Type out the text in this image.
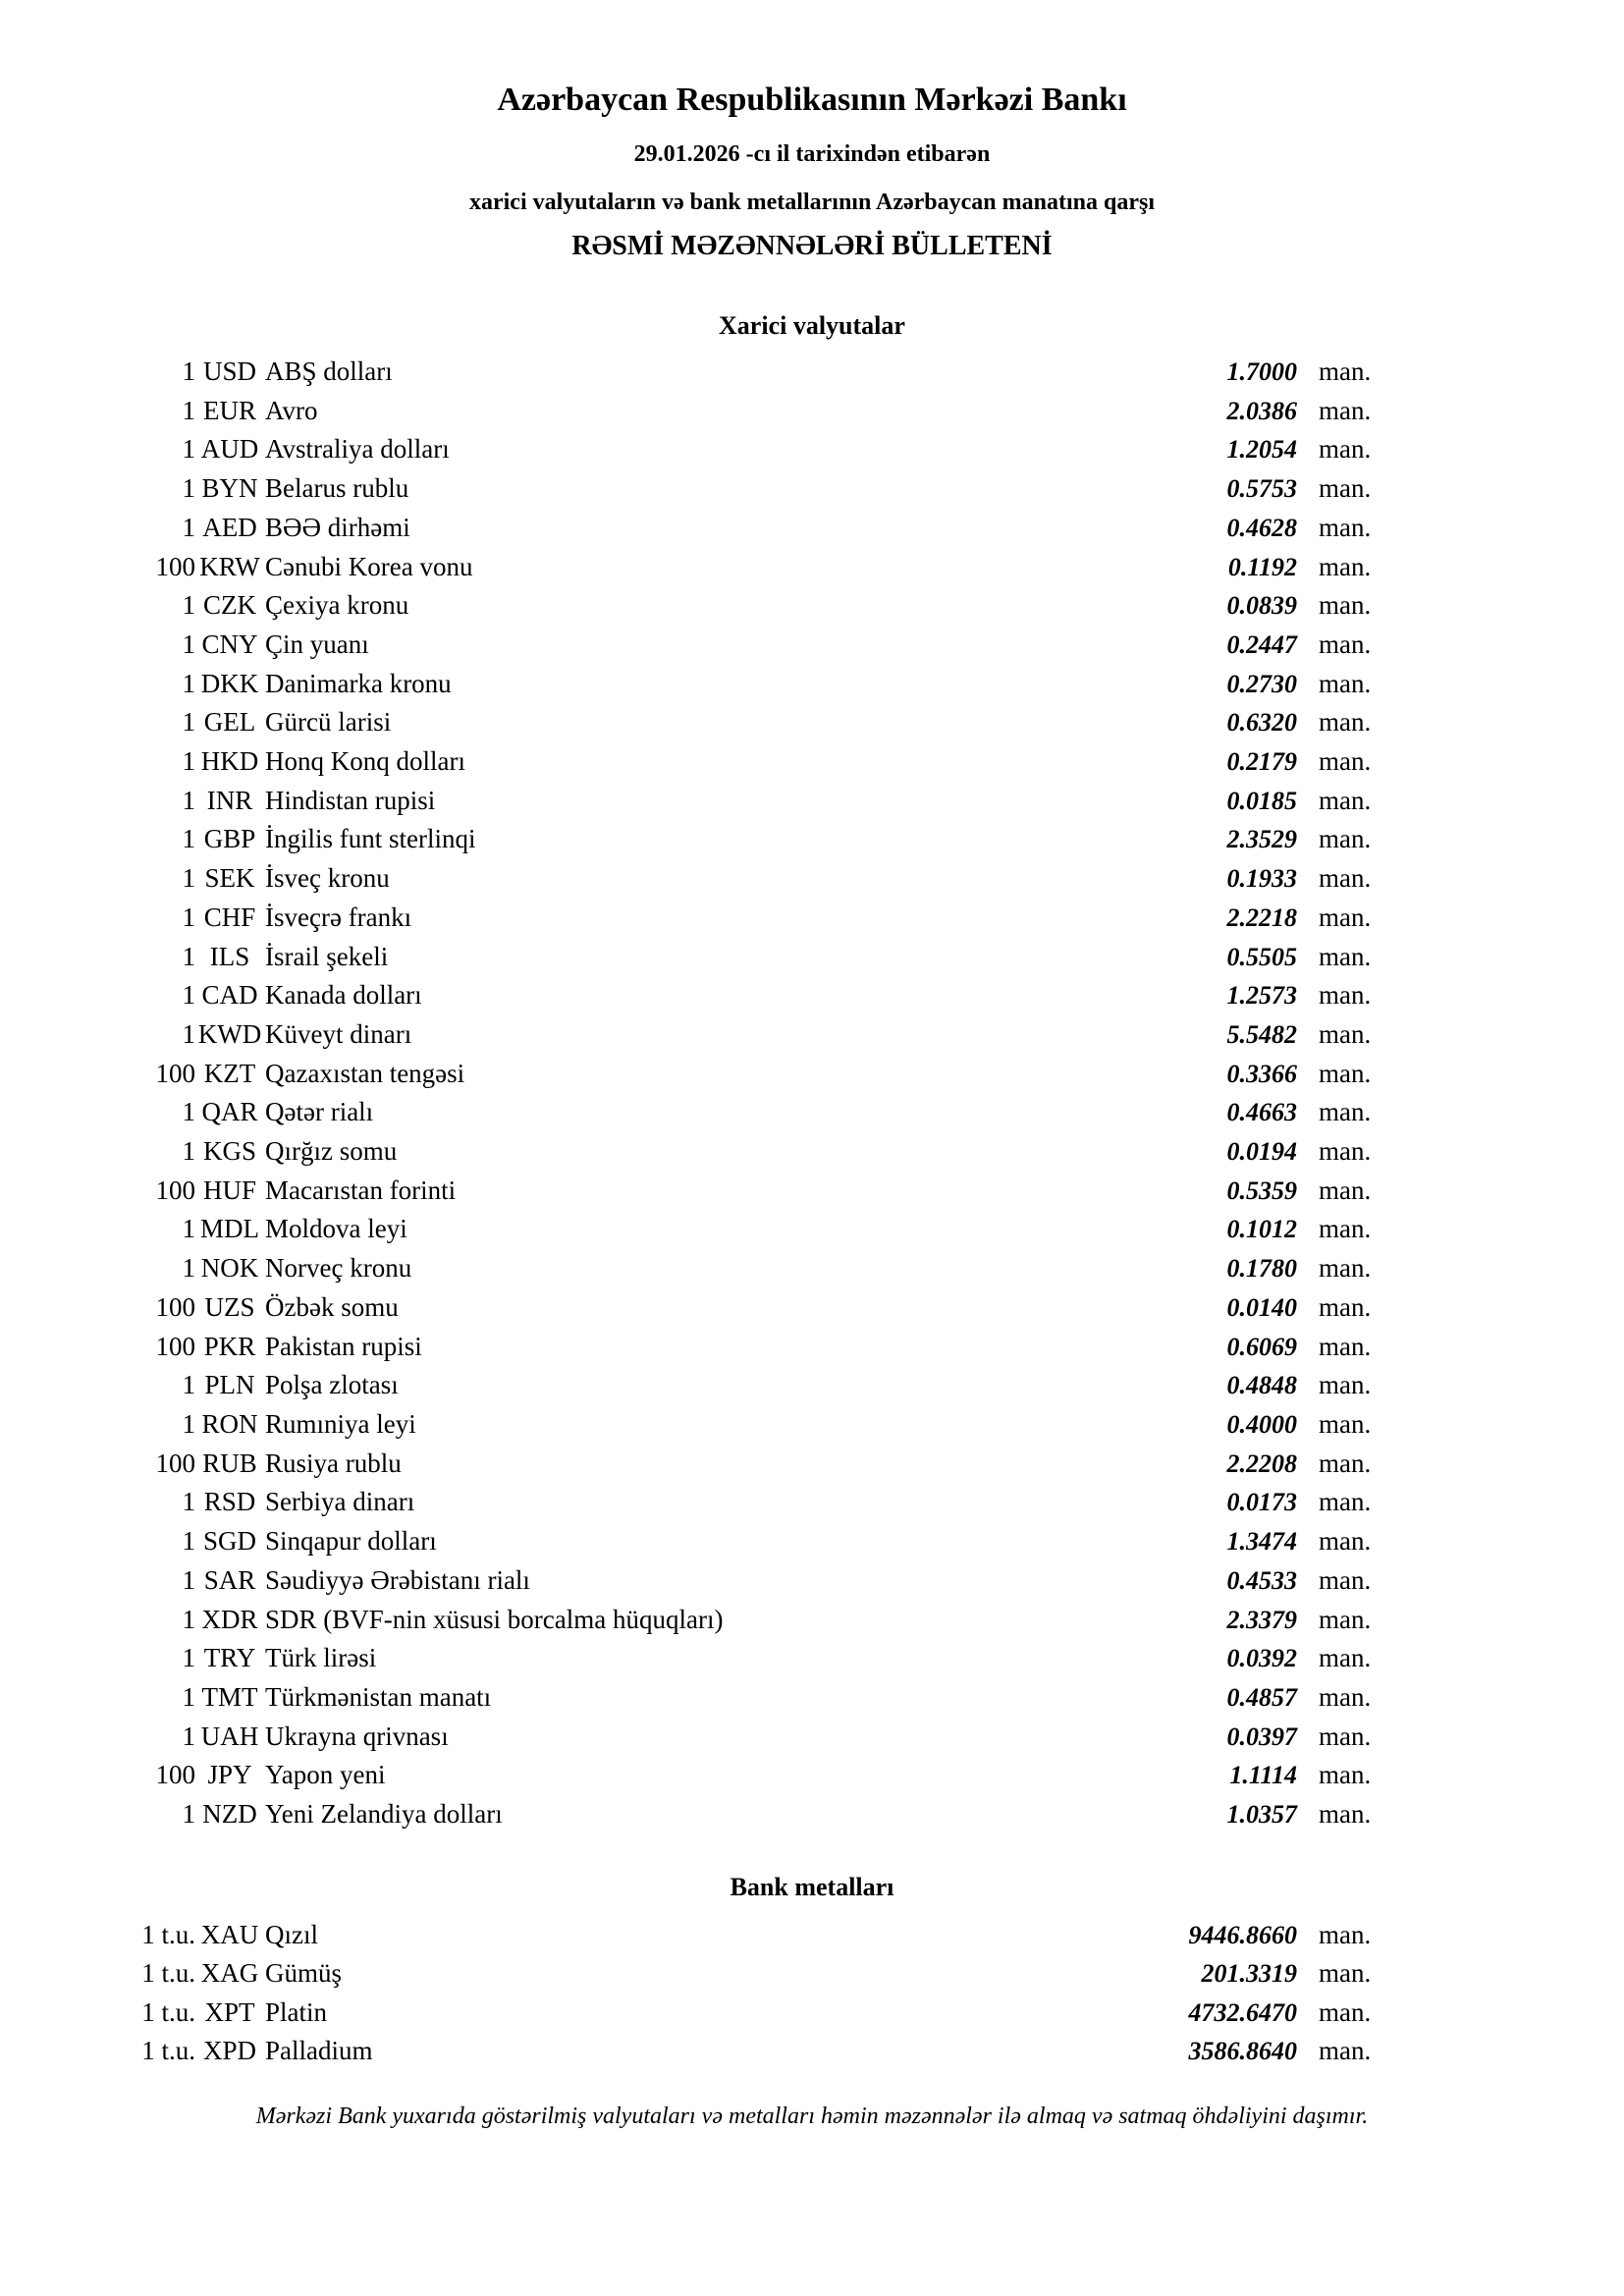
Azərbaycan Respublikasının Mərkəzi Bankı
29.01.2026 -cı il tarixindən etibarən
xarici valyutaların və bank metallarının Azərbaycan manatına qarşı
RƏSMİ MƏZƏNNƏLƏRİ BÜLLETENİ
Xarici valyutalar
1 USD ABŞ dolları	1.7000 man.
1 EUR Avro	2.0386 man.
1 AUD Avstraliya dolları	1.2054 man.
1 BYN Belarus rublu	0.5753 man.
1 AED BƏƏ dirhəmi	0.4628 man.
100 KRW Cənubi Korea vonu	0.1192 man.
1 CZK Çexiya kronu	0.0839 man.
1 CNY Çin yuanı	0.2447 man.
1 DKK Danimarka kronu	0.2730 man.
1 GEL Gürcü larisi	0.6320 man.
1 HKD Honq Konq dolları	0.2179 man.
1 INR Hindistan rupisi	0.0185 man.
1 GBP İngilis funt sterlinqi	2.3529 man.
1 SEK İsveç kronu	0.1933 man.
1 CHF İsveçrə frankı	2.2218 man.
1 ILS İsrail şekeli	0.5505 man.
1 CAD Kanada dolları	1.2573 man.
1 KWD Küveyt dinarı	5.5482 man.
100 KZT Qazaxıstan tengəsi	0.3366 man.
1 QAR Qətər rialı	0.4663 man.
1 KGS Qırğız somu	0.0194 man.
100 HUF Macarıstan forinti	0.5359 man.
1 MDL Moldova leyi	0.1012 man.
1 NOK Norveç kronu	0.1780 man.
100 UZS Özbək somu	0.0140 man.
100 PKR Pakistan rupisi	0.6069 man.
1 PLN Polşa zlotası	0.4848 man.
1 RON Rumıniya leyi	0.4000 man.
100 RUB Rusiya rublu	2.2208 man.
1 RSD Serbiya dinarı	0.0173 man.
1 SGD Sinqapur dolları	1.3474 man.
1 SAR Səudiyyə Ərəbistanı rialı	0.4533 man.
1 XDR SDR (BVF-nin xüsusi borcalma hüquqları)	2.3379 man.
1 TRY Türk lirəsi	0.0392 man.
1 TMT Türkmənistan manatı	0.4857 man.
1 UAH Ukrayna qrivnası	0.0397 man.
100 JPY Yapon yeni	1.1114 man.
1 NZD Yeni Zelandiya dolları	1.0357 man.
Bank metalları
1 t.u. XAU Qızıl	9446.8660 man.
1 t.u. XAG Gümüş	201.3319 man.
1 t.u. XPT Platin	4732.6470 man.
1 t.u. XPD Palladium	3586.8640 man.
Mərkəzi Bank yuxarıda göstərilmiş valyutaları və metalları həmin məzənnələr ilə almaq və satmaq öhdəliyini daşımır.
